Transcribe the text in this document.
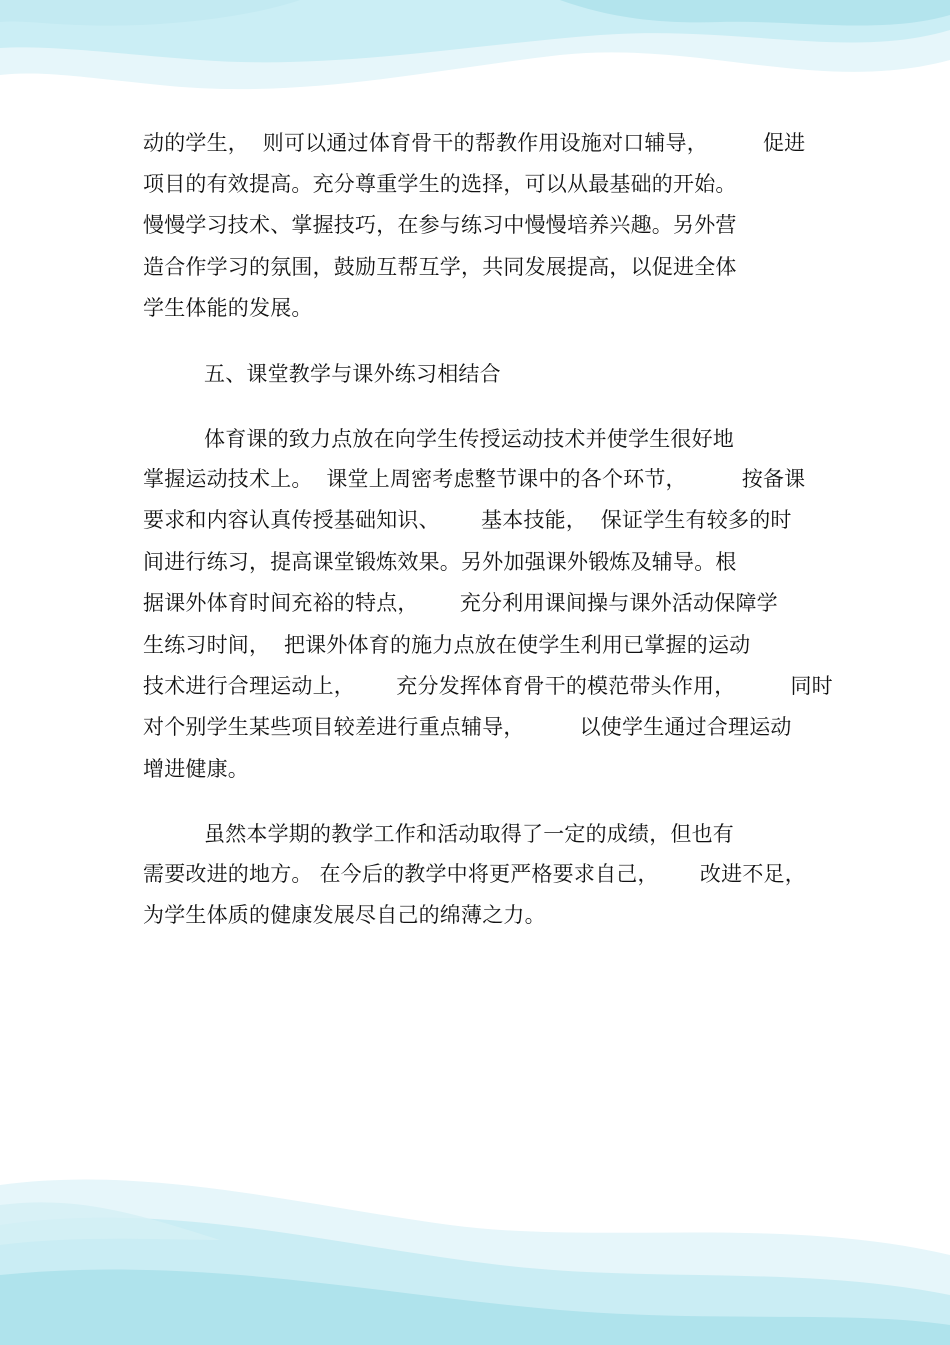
动的学生，  则可以通过体育骨干的帮教作用设施对口辅导，        促进
项目的有效提高。充分尊重学生的选择，可以从最基础的开始。
慢慢学习技术、掌握技巧，在参与练习中慢慢培养兴趣。另外营
造合作学习的氛围，鼓励互帮互学，共同发展提高，以促进全体
学生体能的发展。
五、课堂教学与课外练习相结合
体育课的致力点放在向学生传授运动技术并使学生很好地
掌握运动技术上。  课堂上周密考虑整节课中的各个环节，        按备课
要求和内容认真传授基础知识、      基本技能，  保证学生有较多的时
间进行练习，提高课堂锻炼效果。另外加强课外锻炼及辅导。根
据课外体育时间充裕的特点，      充分利用课间操与课外活动保障学
生练习时间，  把课外体育的施力点放在使学生利用已掌握的运动
技术进行合理运动上，      充分发挥体育骨干的模范带头作用，        同时
对个别学生某些项目较差进行重点辅导，        以使学生通过合理运动
增进健康。
虽然本学期的教学工作和活动取得了一定的成绩，但也有
需要改进的地方。 在今后的教学中将更严格要求自己，      改进不足，
为学生体质的健康发展尽自己的绵薄之力。
